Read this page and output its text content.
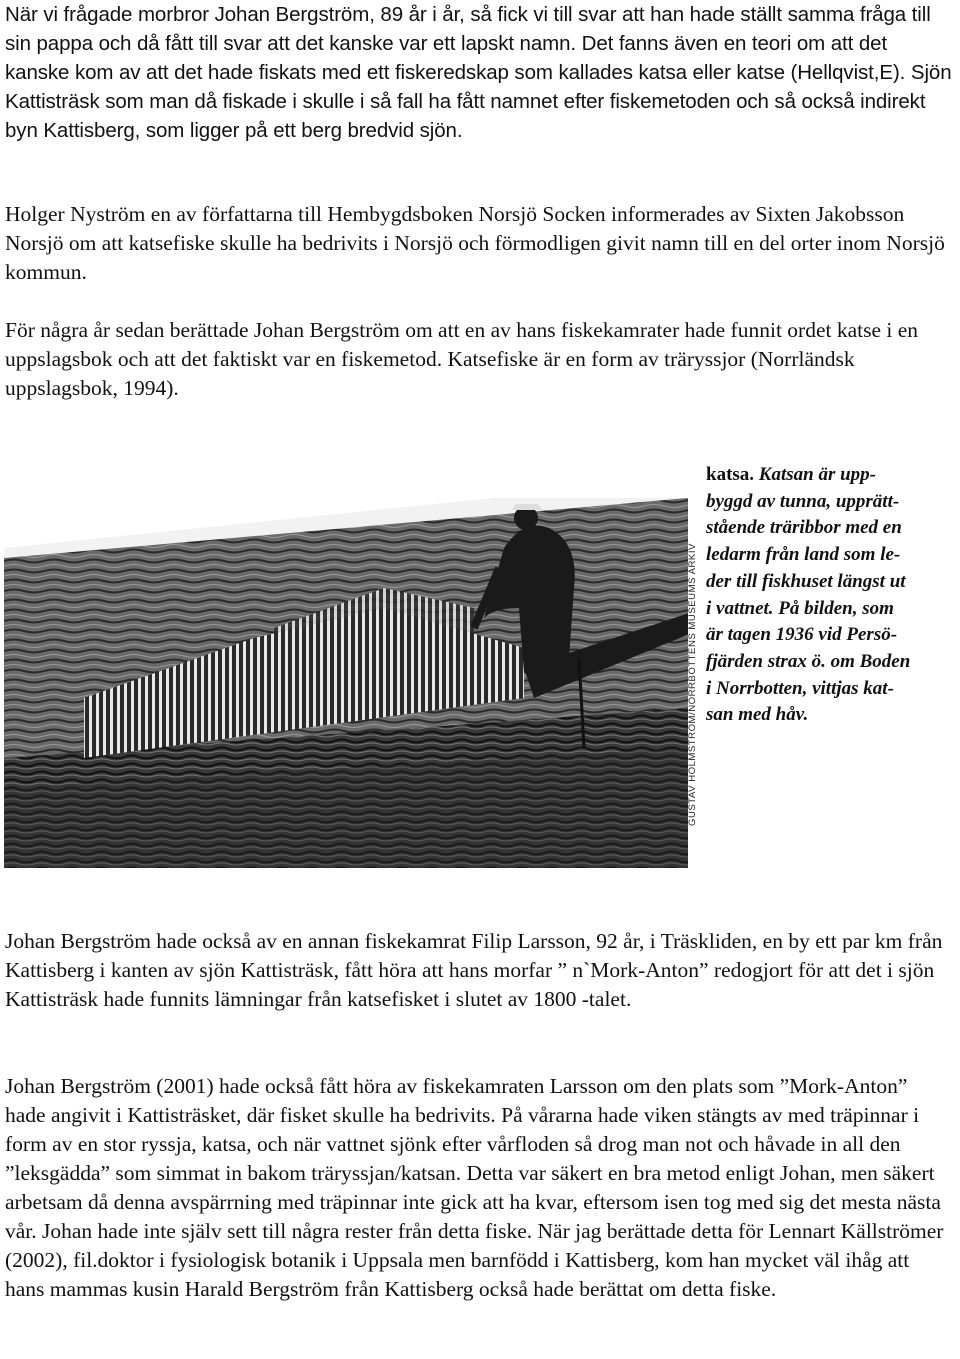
När vi frågade morbror Johan Bergström, 89 år i år, så fick vi till svar att han hade ställt samma fråga till sin pappa och då fått till svar att det kanske var ett lapskt namn. Det fanns även en teori om att det kanske kom av att det hade fiskats med ett fiskeredskap som kallades katsa eller katse (Hellqvist,E). Sjön Kattisträsk som man då fiskade i skulle i så fall ha fått namnet efter fiskemetoden och så också indirekt byn Kattisberg, som ligger på ett berg bredvid sjön.

Holger Nyström en av författarna till Hembygdsboken Norsjö Socken informerades av Sixten Jakobsson Norsjö om att katsefiske skulle ha bedrivits i Norsjö och förmodligen givit namn till en del orter inom Norsjö kommun.

För några år sedan berättade Johan Bergström om att en av hans fiskekamrater hade funnit ordet katse i en uppslagsbok och att det faktiskt var en fiskemetod. Katsefiske är en form av träryssjor (Norrländsk uppslagsbok, 1994).

GUSTAV HOLMSTRÖM/NORRBOTTENS MUSEUMS ARKIV

katsa. Katsan är upp-
byggd av tunna, upprätt-
stående träribbor med en
ledarm från land som le-
der till fiskhuset längst ut
i vattnet. På bilden, som
är tagen 1936 vid Persö-
fjärden strax ö. om Boden
i Norrbotten, vittjas kat-
san med håv.

Johan Bergström hade också av en annan fiskekamrat Filip Larsson, 92 år, i Träskliden, en by ett par km från Kattisberg i kanten av sjön Kattisträsk, fått höra att hans morfar ” n`Mork-Anton” redogjort för att det i sjön Kattisträsk hade funnits lämningar från katsefisket i slutet av 1800 -talet.

Johan Bergström (2001) hade också fått höra av fiskekamraten Larsson om den plats som ”Mork-Anton” hade angivit i Kattisträsket, där fisket skulle ha bedrivits. På vårarna hade viken stängts av med träpinnar i form av en stor ryssja, katsa, och när vattnet sjönk efter vårfloden så drog man not och håvade in all den ”leksgädda” som simmat in bakom träryssjan/katsan. Detta var säkert en bra metod enligt Johan, men säkert arbetsam då denna avspärrning med träpinnar inte gick att ha kvar, eftersom isen tog med sig det mesta nästa vår. Johan hade inte själv sett till några rester från detta fiske. När jag berättade detta för Lennart Källströmer (2002), fil.doktor i fysiologisk botanik i Uppsala men barnfödd i Kattisberg, kom han mycket väl ihåg att hans mammas kusin Harald Bergström från Kattisberg också hade berättat om detta fiske.
